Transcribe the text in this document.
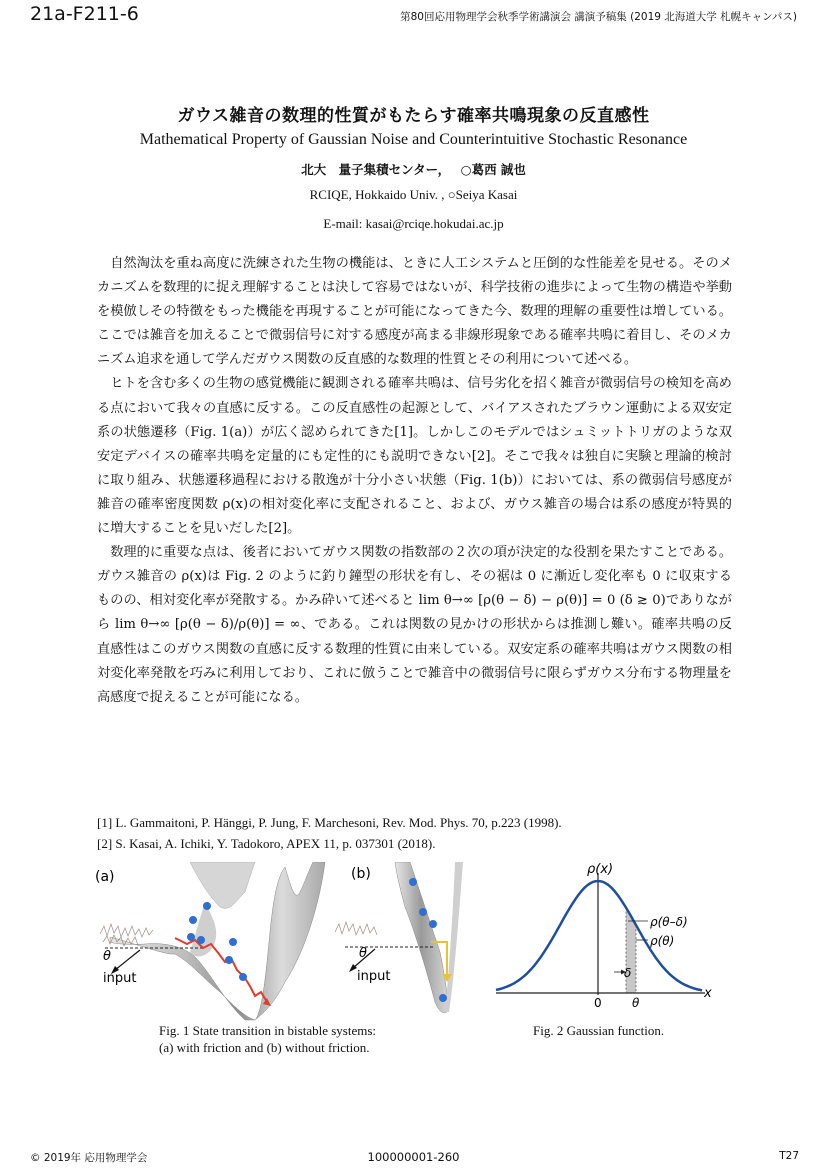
21a-F211-6	第80回応用物理学会秋季学術講演会 講演予稿集 (2019 北海道大学 札幌キャンパス)
ガウス雑音の数理的性質がもたらす確率共鳴現象の反直感性
Mathematical Property of Gaussian Noise and Counterintuitive Stochastic Resonance
北大　量子集積センター，　 ○葛西 誠也
RCIQE, Hokkaido Univ. , ○Seiya Kasai
E-mail: kasai@rciqe.hokudai.ac.jp

自然淘汰を重ね高度に洗練された生物の機能は、ときに人工システムと圧倒的な性能差を見せる。そのメカニズムを数理的に捉え理解することは決して容易ではないが、科学技術の進歩によって生物の構造や挙動を模倣しその特徴をもった機能を再現することが可能になってきた今、数理的理解の重要性は増している。ここでは雑音を加えることで微弱信号に対する感度が高まる非線形現象である確率共鳴に着目し、そのメカニズム追求を通して学んだガウス関数の反直感的な数理的性質とその利用について述べる。

ヒトを含む多くの生物の感覚機能に観測される確率共鳴は、信号劣化を招く雑音が微弱信号の検知を高める点において我々の直感に反する。この反直感性の起源として、バイアスされたブラウン運動による双安定系の状態遷移（Fig. 1(a)）が広く認められてきた[1]。しかしこのモデルではシュミットトリガのような双安定デバイスの確率共鳴を定量的にも定性的にも説明できない[2]。そこで我々は独自に実験と理論的検討に取り組み、状態遷移過程における散逸が十分小さい状態（Fig. 1(b)）においては、系の微弱信号感度が雑音の確率密度関数 ρ(x)の相対変化率に支配されること、および、ガウス雑音の場合は系の感度が特異的に増大することを見いだした[2]。

数理的に重要な点は、後者においてガウス関数の指数部の２次の項が決定的な役割を果たすことである。ガウス雑音の ρ(x)は Fig. 2 のように釣り鐘型の形状を有し、その裾は 0 に漸近し変化率も 0 に収束するものの、相対変化率が発散する。かみ砕いて述べると lim θ→∞ [ρ(θ − δ) − ρ(θ)] = 0 (δ ≳ 0)でありながら lim θ→∞ [ρ(θ − δ)/ρ(θ)] = ∞、である。これは関数の見かけの形状からは推測し難い。確率共鳴の反直感性はこのガウス関数の直感に反する数理的性質に由来している。双安定系の確率共鳴はガウス関数の相対変化率発散を巧みに利用しており、これに倣うことで雑音中の微弱信号に限らずガウス分布する物理量を高感度で捉えることが可能になる。

[1] L. Gammaitoni, P. Hänggi, P. Jung, F. Marchesoni, Rev. Mod. Phys. 70, p.223 (1998).
[2] S. Kasai, A. Ichiki, Y. Tadokoro, APEX 11, p. 037301 (2018).
(a)
θ
input
(b)
θ
input
Fig. 1 State transition in bistable systems:
(a) with friction and (b) without friction.
ρ(x)
ρ(θ–δ)
ρ(θ)
δ
0	θ
x
Fig. 2 Gaussian function.
© 2019年 応用物理学会	100000001-260	T27
